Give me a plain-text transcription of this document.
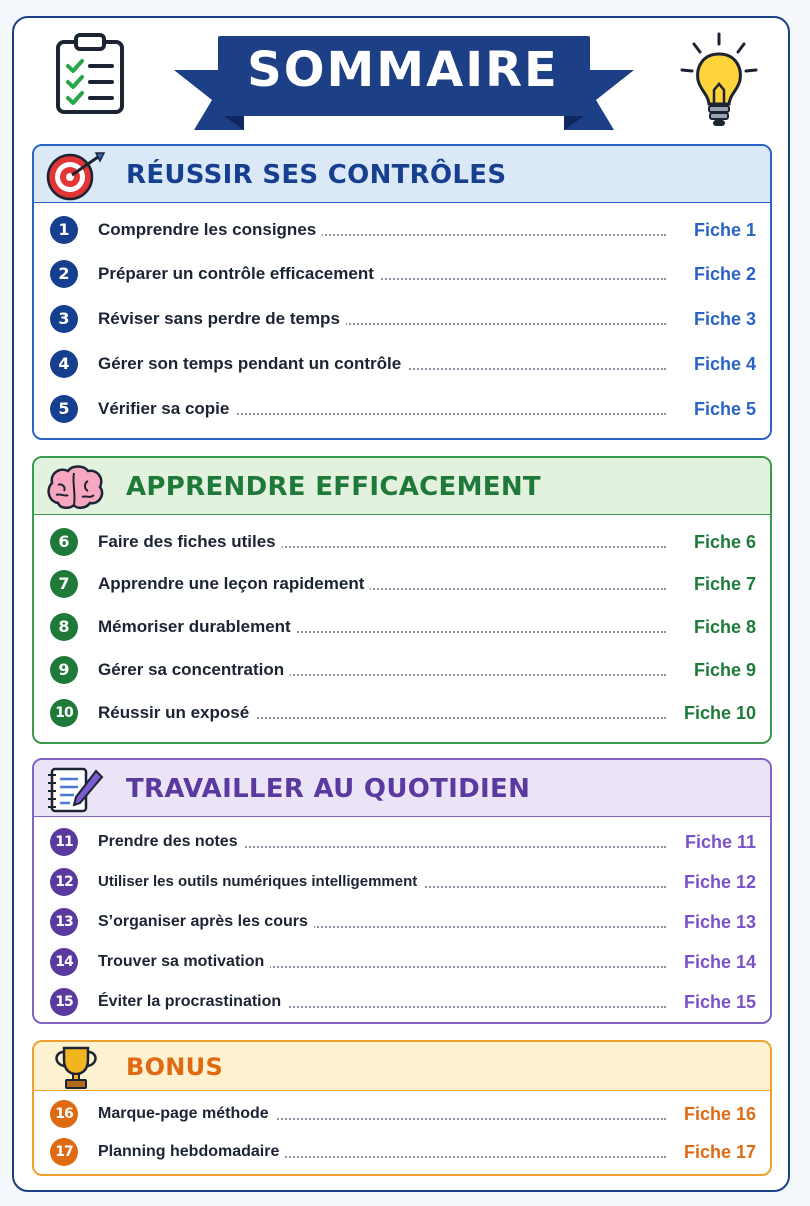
SOMMAIRE
RÉUSSIR SES CONTRÔLES
1	Comprendre les consignes	Fiche 1
2	Préparer un contrôle efficacement	Fiche 2
3	Réviser sans perdre de temps	Fiche 3
4	Gérer son temps pendant un contrôle	Fiche 4
5	Vérifier sa copie	Fiche 5
APPRENDRE EFFICACEMENT
6	Faire des fiches utiles	Fiche 6
7	Apprendre une leçon rapidement	Fiche 7
8	Mémoriser durablement	Fiche 8
9	Gérer sa concentration	Fiche 9
10	Réussir un exposé	Fiche 10
TRAVAILLER AU QUOTIDIEN
11	Prendre des notes	Fiche 11
12	Utiliser les outils numériques intelligemment	Fiche 12
13	S’organiser après les cours	Fiche 13
14	Trouver sa motivation	Fiche 14
15	Éviter la procrastination	Fiche 15
BONUS
16	Marque-page méthode	Fiche 16
17	Planning hebdomadaire	Fiche 17
